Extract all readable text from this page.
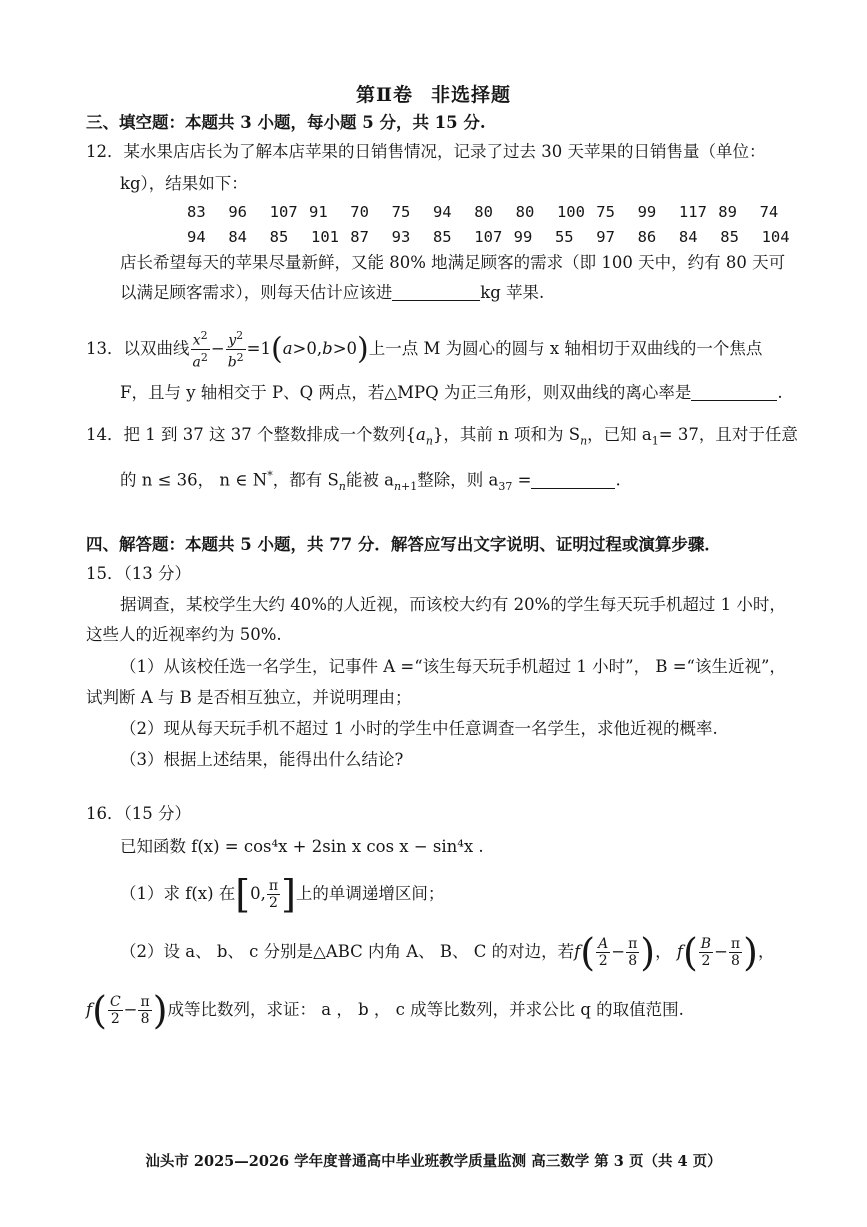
第Ⅱ卷 非选择题
三、填空题：本题共 3 小题，每小题 5 分，共 15 分.
12．某水果店店长为了解本店苹果的日销售情况，记录了过去 30 天苹果的日销售量（单位：
kg），结果如下：
83  96  107 91  70  75  94  80  80  100 75  99  117 89  74
94  84  85  101 87  93  85  107 99  55  97  86  84  85  104
店长希望每天的苹果尽量新鲜，又能 80% 地满足顾客的需求（即 100 天中，约有 80 天可
以满足顾客需求），则每天估计应该进	kg 苹果.
13．以双曲线 $\frac{x^2}{a^2} - \frac{y^2}{b^2} =1(a>0,b>0)$上一点 M 为圆心的圆与 x 轴相切于双曲线的一个焦点
F，且与 y 轴相交于 P、Q 两点，若△MPQ 为正三角形，则双曲线的离心率是	.
14．把 1 到 37 这 37 个整数排成一个数列$\{a_n\}$，其前 n 项和为 $S_n$，已知 $a_1= 37$，且对于任意
的 n ≤ 36， n ∈ N*，都有 $S_n$能被 $a_{n+1}$整除，则 $a_{37}$ =	.
四、解答题：本题共 5 小题，共 77 分．解答应写出文字说明、证明过程或演算步骤．
15．（13 分）
据调查，某校学生大约 40%的人近视，而该校大约有 20%的学生每天玩手机超过 1 小时，
这些人的近视率约为 50%.
（1）从该校任选一名学生，记事件 A =“该生每天玩手机超过 1 小时”， B =“该生近视”，
试判断 A 与 B 是否相互独立，并说明理由；
（2）现从每天玩手机不超过 1 小时的学生中任意调查一名学生，求他近视的概率.
（3）根据上述结果，能得出什么结论?
16．（15 分）
已知函数 f(x) = cos⁴x + 2sin x cos x − sin⁴x .
（1）求 f(x) 在[0, $\frac{\pi}{2}$ ]上的单调递增区间；
（2）设 a、 b、 c 分别是△ABC 内角 A、 B、 C 的对边，若$f( \frac{A}{2} - \frac{\pi}{8}$ )， $f( \frac{B}{2} - \frac{\pi}{8}$ )，
$f( \frac{C}{2} - \frac{\pi}{8}$ )成等比数列，求证： a ， b ， c 成等比数列，并求公比 q 的取值范围.
汕头市 2025—2026 学年度普通高中毕业班教学质量监测 高三数学 第 3 页（共 4 页）
